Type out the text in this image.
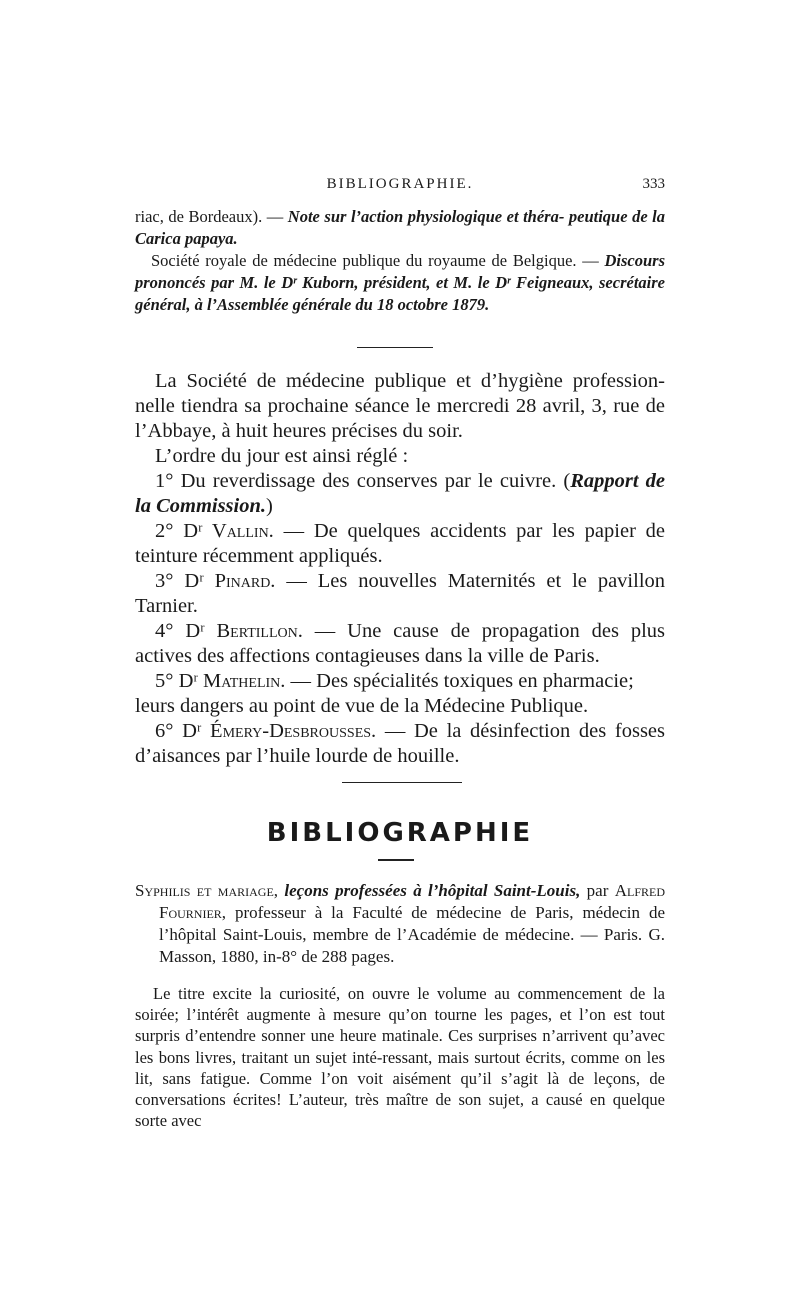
BIBLIOGRAPHIE.	333

riac, de Bordeaux). — Note sur l’action physiologique et théra- peutique de la Carica papaya.

Société royale de médecine publique du royaume de Belgique. — Discours prononcés par M. le Dʳ Kuborn, président, et M. le Dʳ Feigneaux, secrétaire général, à l’Assemblée générale du 18 octobre 1879.

La Société de médecine publique et d’hygiène profession-nelle tiendra sa prochaine séance le mercredi 28 avril, 3, rue de l’Abbaye, à huit heures précises du soir.

L’ordre du jour est ainsi réglé :

1° Du reverdissage des conserves par le cuivre. (Rapport de la Commission.)

2° Dʳ Vallin. — De quelques accidents par les papier de teinture récemment appliqués.

3° Dʳ Pinard. — Les nouvelles Maternités et le pavillon Tarnier.

4° Dʳ Bertillon. — Une cause de propagation des plus actives des affections contagieuses dans la ville de Paris.

5° Dʳ Mathelin. — Des spécialités toxiques en pharmacie; leurs dangers au point de vue de la Médecine Publique.

6° Dʳ Émery-Desbrousses. — De la désinfection des fosses d’aisances par l’huile lourde de houille.

BIBLIOGRAPHIE

Syphilis et mariage, leçons professées à l’hôpital Saint-Louis, par Alfred Fournier, professeur à la Faculté de médecine de Paris, médecin de l’hôpital Saint-Louis, membre de l’Académie de médecine. — Paris. G. Masson, 1880, in-8° de 288 pages.

Le titre excite la curiosité, on ouvre le volume au commencement de la soirée; l’intérêt augmente à mesure qu’on tourne les pages, et l’on est tout surpris d’entendre sonner une heure matinale. Ces surprises n’arrivent qu’avec les bons livres, traitant un sujet inté-ressant, mais surtout écrits, comme on les lit, sans fatigue. Comme l’on voit aisément qu’il s’agit là de leçons, de conversations écrites! L’auteur, très maître de son sujet, a causé en quelque sorte avec
